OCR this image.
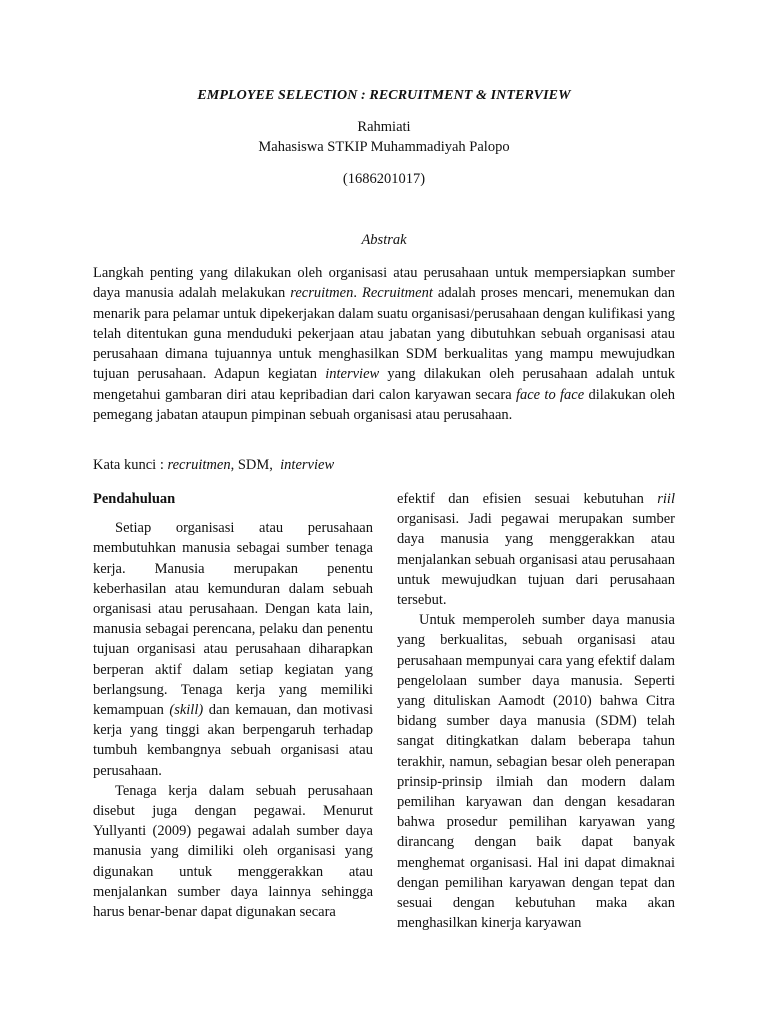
EMPLOYEE SELECTION : RECRUITMENT & INTERVIEW
Rahmiati
Mahasiswa STKIP Muhammadiyah Palopo
(1686201017)
Abstrak
Langkah penting yang dilakukan oleh organisasi atau perusahaan untuk mempersiapkan sumber daya manusia adalah melakukan recruitmen. Recruitment adalah proses mencari, menemukan dan menarik para pelamar untuk dipekerjakan dalam suatu organisasi/perusahaan dengan kulifikasi yang telah ditentukan guna menduduki pekerjaan atau jabatan yang dibutuhkan sebuah organisasi atau perusahaan dimana tujuannya untuk menghasilkan SDM berkualitas yang mampu mewujudkan tujuan perusahaan. Adapun kegiatan interview yang dilakukan oleh perusahaan adalah untuk mengetahui gambaran diri atau kepribadian dari calon karyawan secara face to face dilakukan oleh pemegang jabatan ataupun pimpinan sebuah organisasi atau perusahaan.
Kata kunci : recruitmen, SDM,  interview
Pendahuluan

Setiap organisasi atau perusahaan membutuhkan manusia sebagai sumber tenaga kerja. Manusia merupakan penentu keberhasilan atau kemunduran dalam sebuah organisasi atau perusahaan. Dengan kata lain, manusia sebagai perencana, pelaku dan penentu tujuan organisasi atau perusahaan diharapkan berperan aktif dalam setiap kegiatan yang berlangsung. Tenaga kerja yang memiliki kemampuan (skill) dan kemauan, dan motivasi kerja yang tinggi akan berpengaruh terhadap tumbuh kembangnya sebuah organisasi atau perusahaan.

Tenaga kerja dalam sebuah perusahaan disebut juga dengan pegawai. Menurut Yullyanti (2009) pegawai adalah sumber daya manusia yang dimiliki oleh organisasi yang digunakan untuk menggerakkan atau menjalankan sumber daya lainnya sehingga harus benar-benar dapat digunakan secara

efektif dan efisien sesuai kebutuhan riil organisasi. Jadi pegawai merupakan sumber daya manusia yang menggerakkan atau menjalankan sebuah organisasi atau perusahaan untuk mewujudkan tujuan dari perusahaan tersebut.

Untuk memperoleh sumber daya manusia yang berkualitas, sebuah organisasi atau perusahaan mempunyai cara yang efektif dalam pengelolaan sumber daya manusia. Seperti yang dituliskan Aamodt (2010) bahwa Citra bidang sumber daya manusia (SDM) telah sangat ditingkatkan dalam beberapa tahun terakhir, namun, sebagian besar oleh penerapan prinsip-prinsip ilmiah dan modern dalam pemilihan karyawan dan dengan kesadaran bahwa prosedur pemilihan karyawan yang dirancang dengan baik dapat banyak menghemat organisasi. Hal ini dapat dimaknai dengan pemilihan karyawan dengan tepat dan sesuai dengan kebutuhan maka akan menghasilkan kinerja karyawan
